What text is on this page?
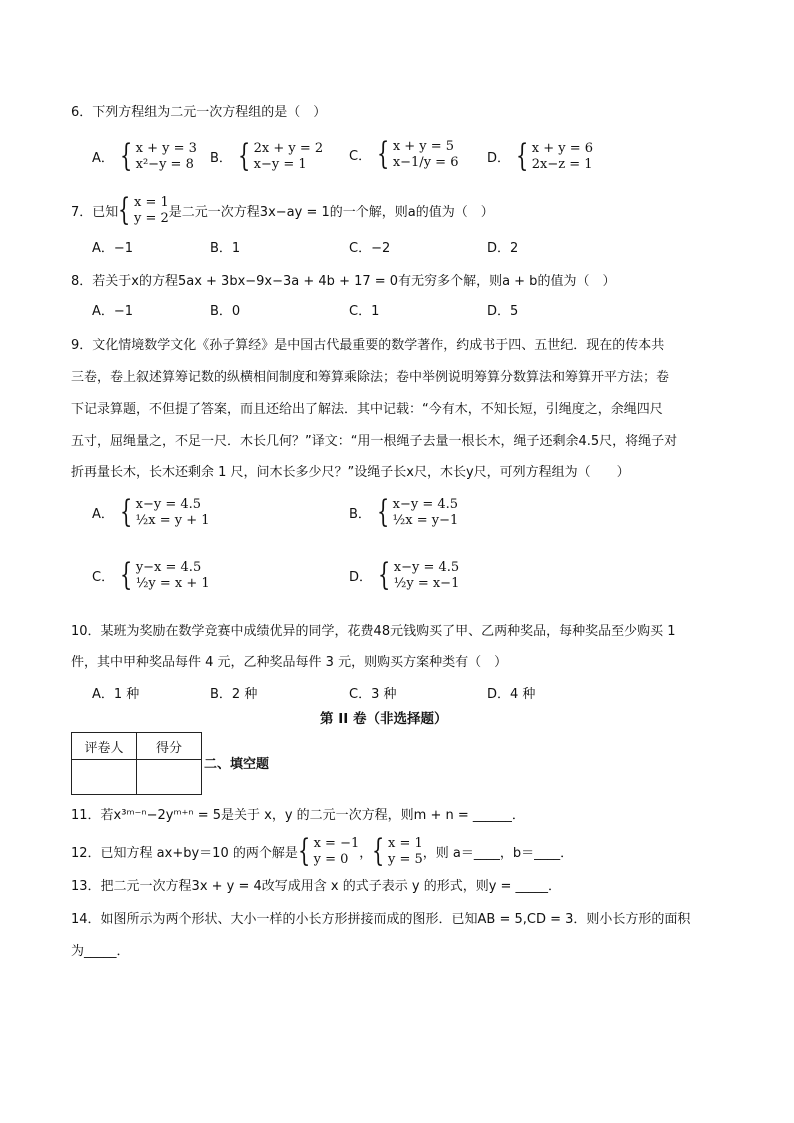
6．下列方程组为二元一次方程组的是（　）
A． { x + y = 3
x²−y = 8 B． { 2x + y = 2
x−y = 1	C． { x + y = 5
x−1/y = 6 D． { x + y = 6
2x−z = 1
7．已知 { x = 1
y = 2 是二元一次方程3x−ay = 1的一个解，则a的值为（　）
A．−1	B．1	C．−2	D．2
8．若关于x的方程5ax + 3bx−9x−3a + 4b + 17 = 0有无穷多个解，则a + b的值为（　）
A．−1	B．0	C．1	D．5
9．文化情境数学文化《孙子算经》是中国古代最重要的数学著作，约成书于四、五世纪．现在的传本共
三卷，卷上叙述算筹记数的纵横相间制度和筹算乘除法；卷中举例说明筹算分数算法和筹算开平方法；卷
下记录算题，不但提了答案，而且还给出了解法．其中记载：“今有木，不知长短，引绳度之，余绳四尺
五寸，屈绳量之，不足一尺．木长几何？”译文：“用一根绳子去量一根长木，绳子还剩余4.5尺，将绳子对
折再量长木，长木还剩余 1 尺，问木长多少尺？”设绳子长x尺，木长y尺，可列方程组为（　　）
A． { x−y = 4.5
½x = y + 1	B． { x−y = 4.5
½x = y−1
C． { y−x = 4.5
½y = x + 1	D． { x−y = 4.5
½y = x−1
10．某班为奖励在数学竞赛中成绩优异的同学，花费48元钱购买了甲、乙两种奖品，每种奖品至少购买 1
件，其中甲种奖品每件 4 元，乙种奖品每件 3 元，则购买方案种类有（　）
A．1 种	B．2 种	C．3 种	D．4 种
第 II 卷（非选择题）
评卷人	得分

二、填空题
11．若x³ᵐ⁻ⁿ−2yᵐ⁺ⁿ = 5是关于 x，y 的二元一次方程，则m + n = ______．
12．已知方程 ax+by＝10 的两个解是 { x = −1
y = 0 ， { x = 1
y = 5 ，则 a＝____，b＝____．
13．把二元一次方程3x + y = 4改写成用含 x 的式子表示 y 的形式，则y = _____．
14．如图所示为两个形状、大小一样的小长方形拼接而成的图形．已知AB = 5,CD = 3．则小长方形的面积
为_____．
